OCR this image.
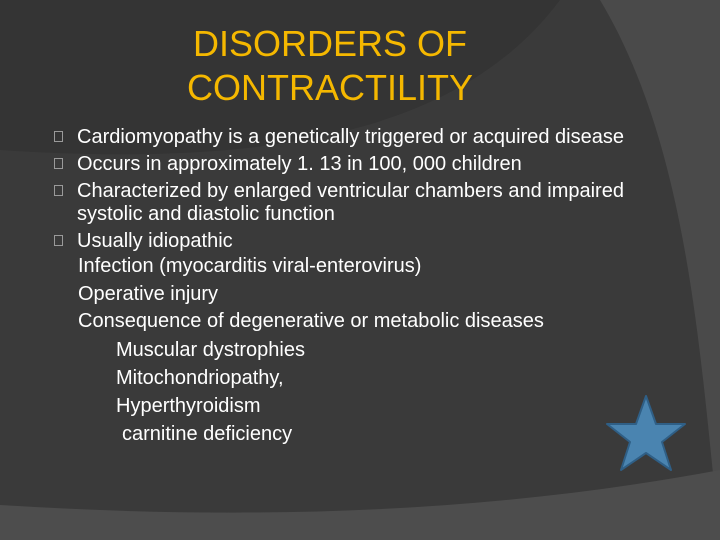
DISORDERS OF
CONTRACTILITY
Cardiomyopathy is a genetically triggered or acquired disease
Occurs in approximately 1. 13 in 100, 000 children
Characterized by enlarged ventricular chambers and impaired systolic and diastolic function
Usually idiopathic
Infection (myocarditis viral-enterovirus)
Operative injury
Consequence of degenerative or metabolic diseases
Muscular dystrophies
Mitochondriopathy,
Hyperthyroidism
carnitine deficiency
